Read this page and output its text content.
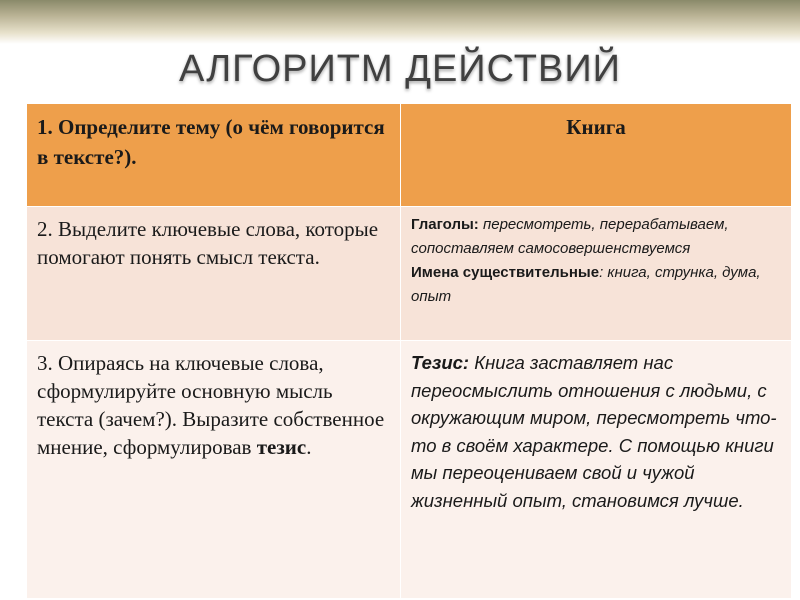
АЛГОРИТМ ДЕЙСТВИЙ
1. Определите тему (о чём говорится в тексте?).	Книга

2. Выделите ключевые слова, которые помогают понять смысл текста.	Глаголы: пересмотреть, перерабатываем, сопоставляем самосовершенствуемся
Имена существительные: книга, струнка, дума, опыт

3. Опираясь на ключевые слова, сформулируйте основную мысль текста (зачем?). Выразите собственное мнение, сформулировав тезис.	Тезис: Книга заставляет нас переосмыслить отношения с людьми, с окружающим миром, пересмотреть что-то в своём характере. С помощью книги мы переоцениваем свой и чужой жизненный опыт, становимся лучше.
